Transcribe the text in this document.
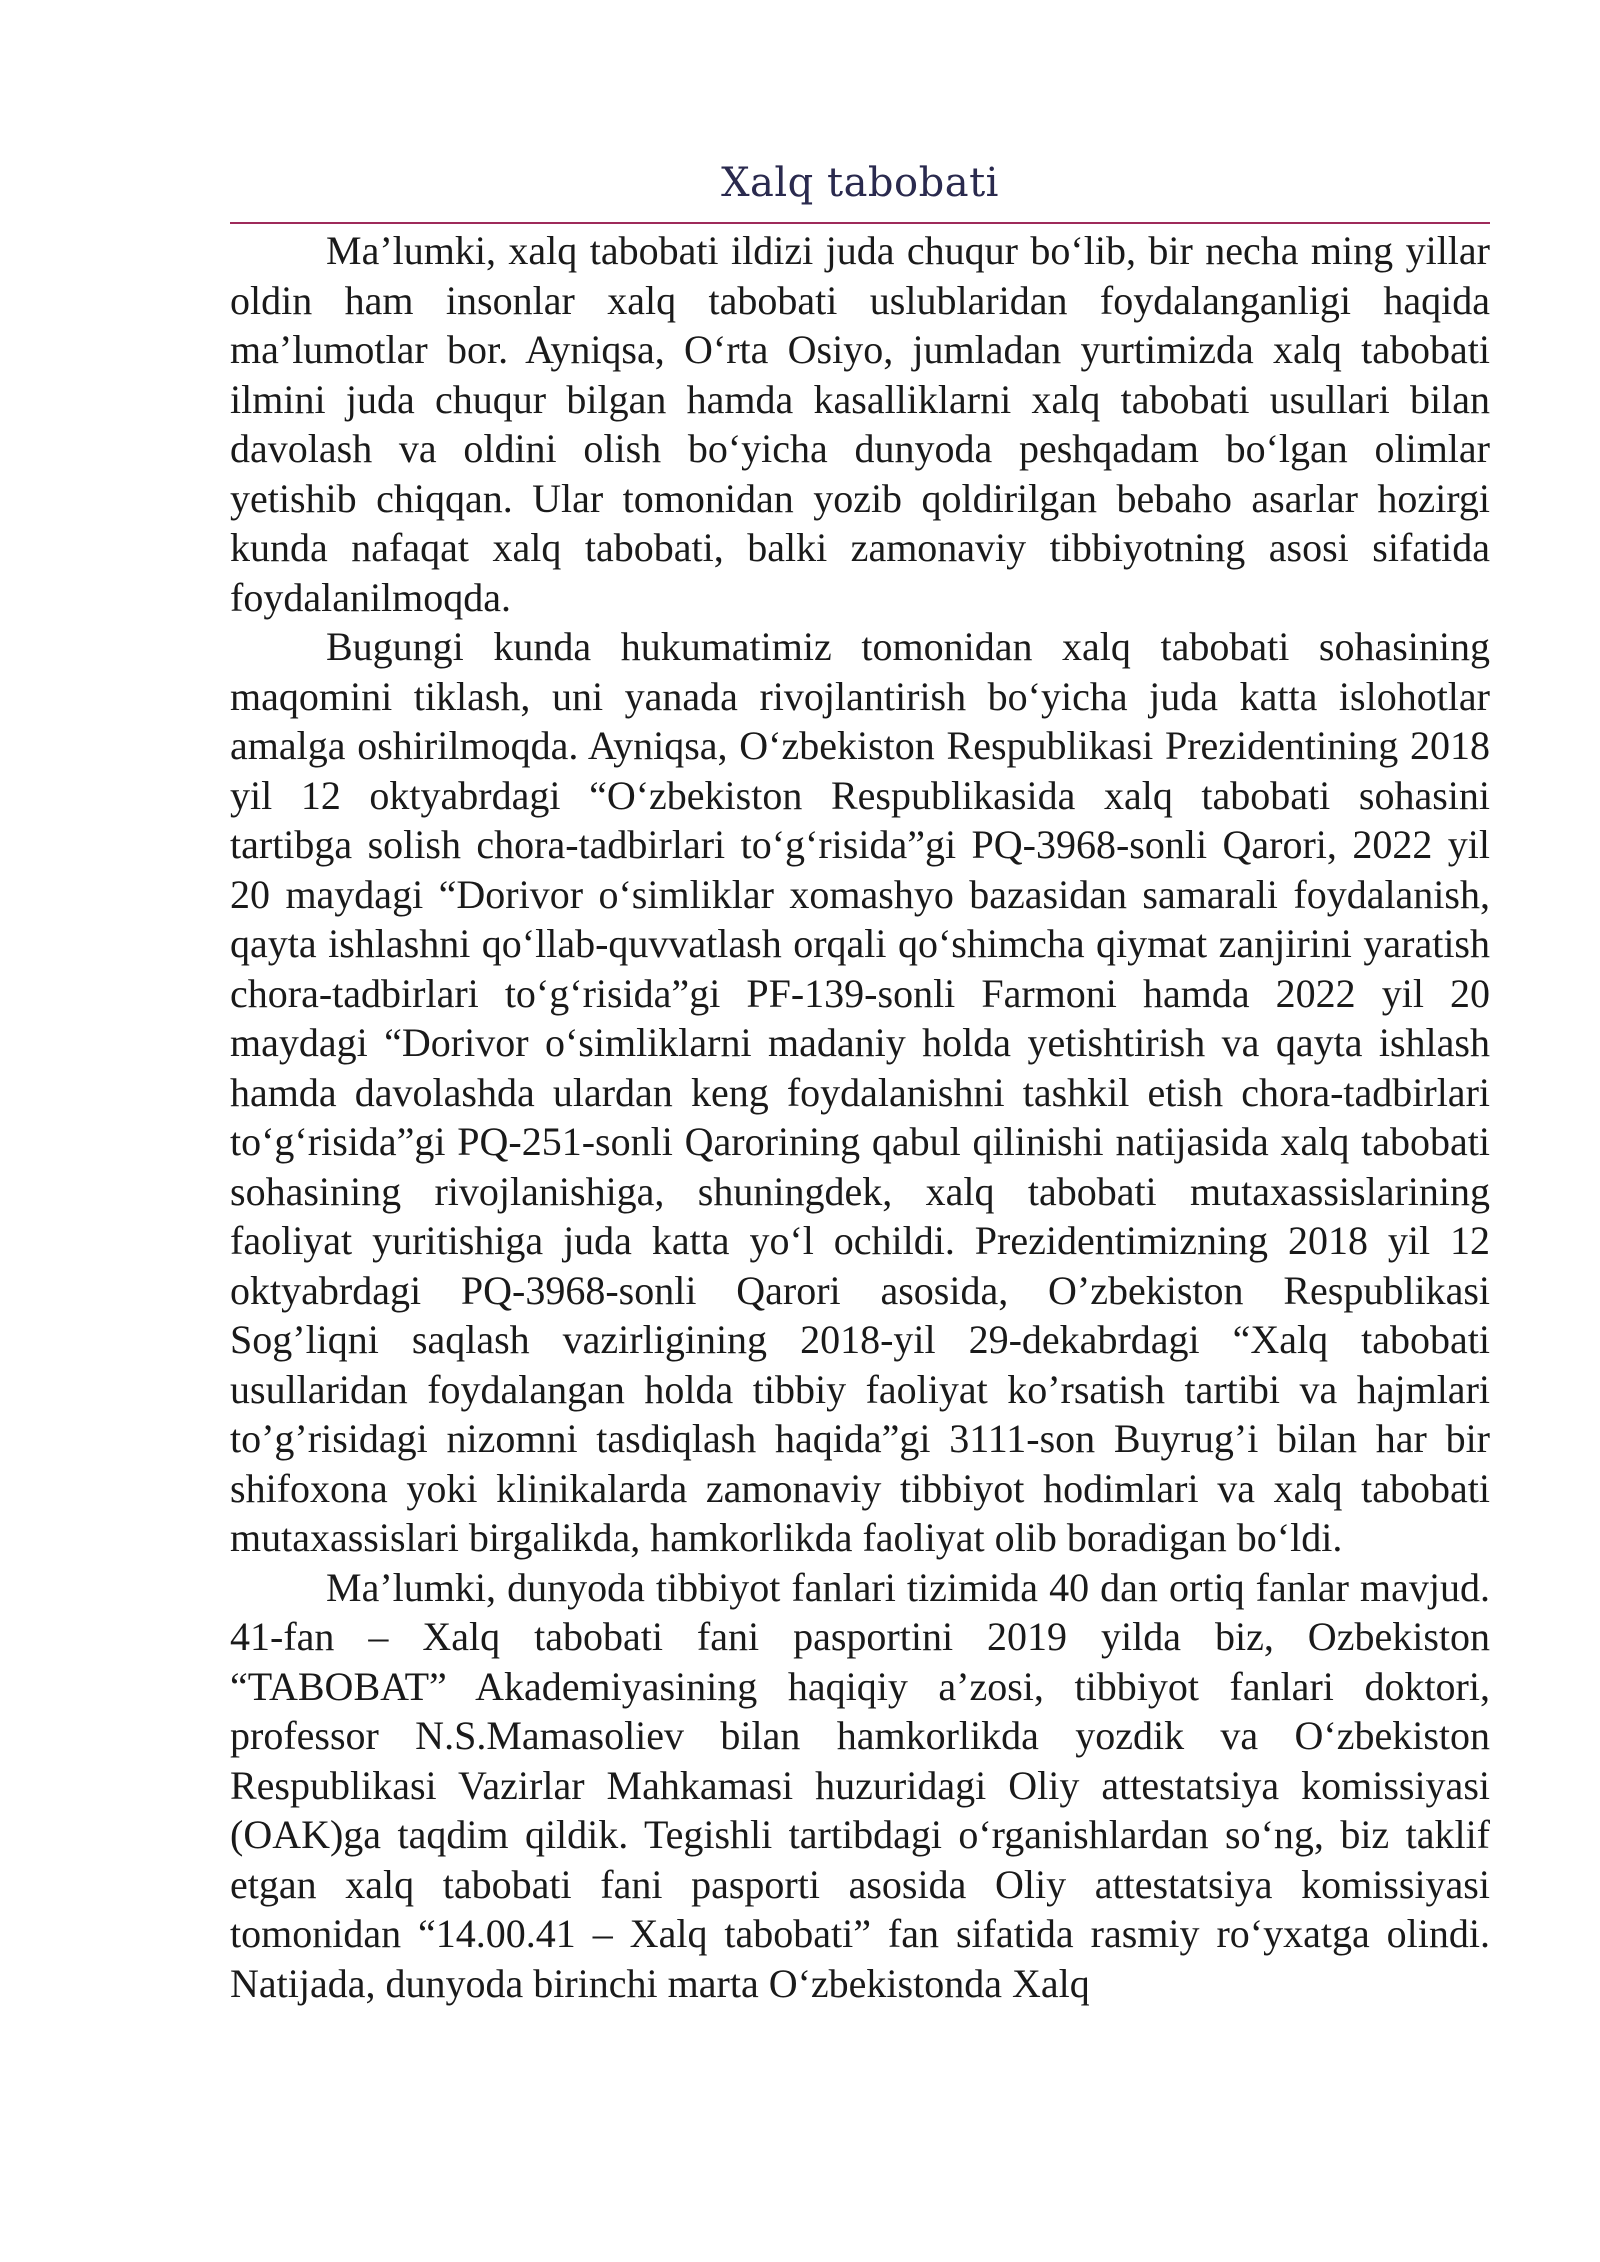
Xalq tabobati

Ma’lumki, xalq tabobati ildizi juda chuqur bo‘lib, bir necha ming yillar oldin ham insonlar xalq tabobati uslublaridan foydalanganligi haqida ma’lumotlar bor. Ayniqsa, O‘rta Osiyo, jumladan yurtimizda xalq tabobati ilmini juda chuqur bilgan hamda kasalliklarni xalq tabobati usullari bilan davolash va oldini olish bo‘yicha dunyoda peshqadam bo‘lgan olimlar yetishib chiqqan. Ular tomonidan yozib qoldirilgan bebaho asarlar hozirgi kunda nafaqat xalq tabobati, balki zamonaviy tibbiyotning asosi sifatida foydalanilmoqda.

Bugungi kunda hukumatimiz tomonidan xalq tabobati sohasining maqomini tiklash, uni yanada rivojlantirish bo‘yicha juda katta islohotlar amalga oshirilmoqda. Ayniqsa, O‘zbekiston Respublikasi Prezidentining 2018 yil 12 oktyabrdagi “O‘zbekiston Respublikasida xalq tabobati sohasini tartibga solish chora-tadbirlari to‘g‘risida”gi PQ-3968-sonli Qarori, 2022 yil 20 maydagi “Dorivor o‘simliklar xomashyo bazasidan samarali foydalanish, qayta ishlashni qo‘llab-quvvatlash orqali qo‘shimcha qiymat zanjirini yaratish chora-tadbirlari to‘g‘risida”gi PF-139-sonli Farmoni hamda 2022 yil 20 maydagi “Dorivor o‘simliklarni madaniy holda yetishtirish va qayta ishlash hamda davolashda ulardan keng foydalanishni tashkil etish chora-tadbirlari to‘g‘risida”gi PQ-251-sonli Qarorining qabul qilinishi natijasida xalq tabobati sohasining rivojlanishiga, shuningdek, xalq tabobati mutaxassislarining faoliyat yuritishiga juda katta yo‘l ochildi. Prezidentimizning 2018 yil 12 oktyabrdagi PQ-3968-sonli Qarori asosida, O’zbekiston Respublikasi Sog’liqni saqlash vazirligining 2018-yil 29-dekabrdagi “Xalq tabobati usullaridan foydalangan holda tibbiy faoliyat ko’rsatish tartibi va hajmlari to’g’risidagi nizomni tasdiqlash haqida”gi 3111-son Buyrug’i bilan har bir shifoxona yoki klinikalarda zamonaviy tibbiyot hodimlari va xalq tabobati mutaxassislari birgalikda, hamkorlikda faoliyat olib boradigan bo‘ldi.

Ma’lumki, dunyoda tibbiyot fanlari tizimida 40 dan ortiq fanlar mavjud. 41-fan – Xalq tabobati fani pasportini 2019 yilda biz, Ozbekiston “TABOBAT” Akademiyasining haqiqiy a’zosi, tibbiyot fanlari doktori, professor N.S.Mamasoliev bilan hamkorlikda yozdik va O‘zbekiston Respublikasi Vazirlar Mahkamasi huzuridagi Oliy attestatsiya komissiyasi (OAK)ga taqdim qildik. Tegishli tartibdagi o‘rganishlardan so‘ng, biz taklif etgan xalq tabobati fani pasporti asosida Oliy attestatsiya komissiyasi tomonidan “14.00.41 – Xalq tabobati” fan sifatida rasmiy ro‘yxatga olindi. Natijada, dunyoda birinchi marta O‘zbekistonda Xalq
